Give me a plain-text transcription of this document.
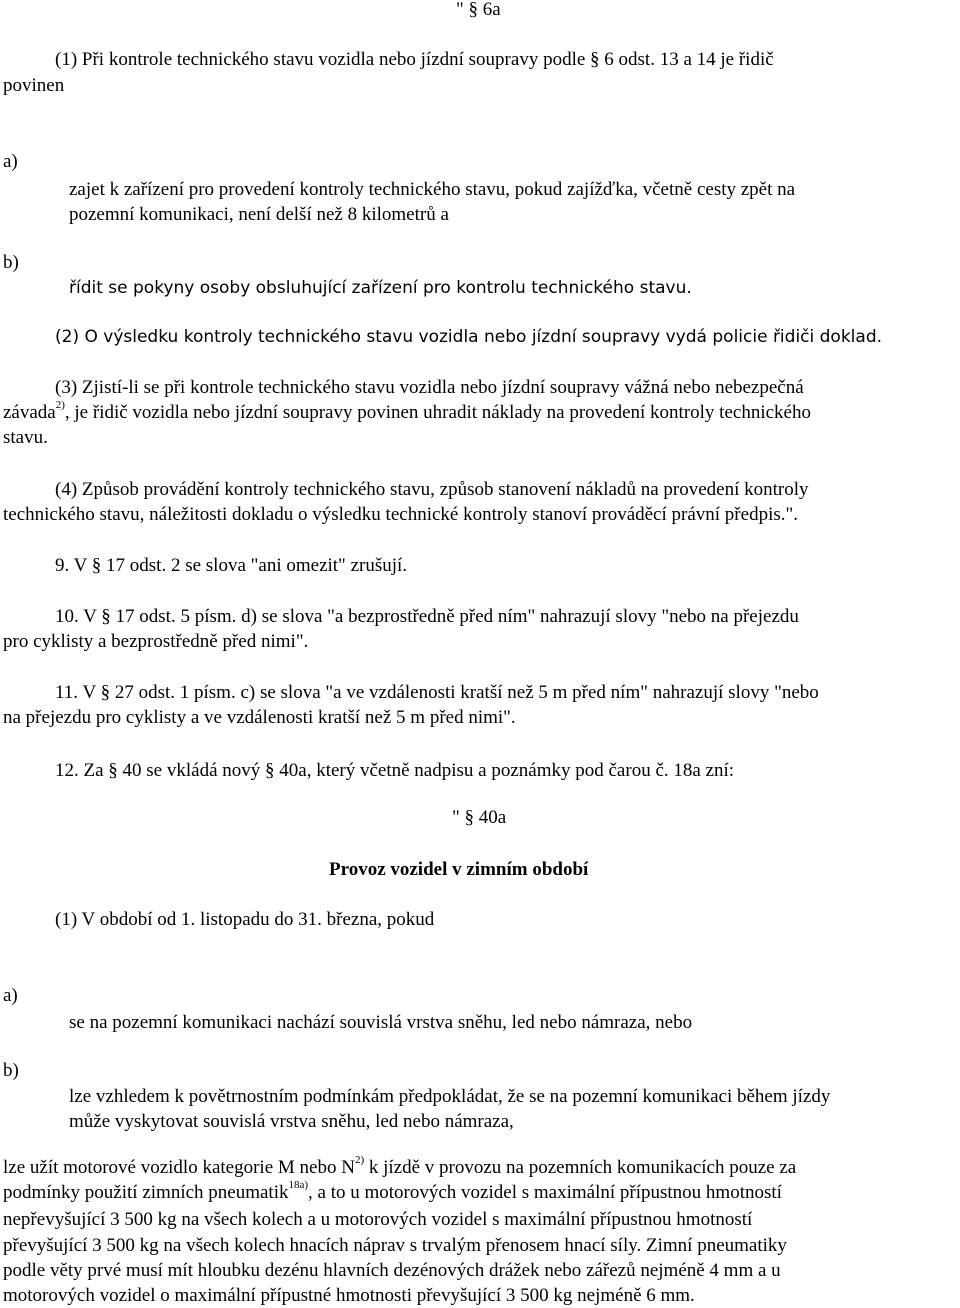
" § 6a
(1) Při kontrole technického stavu vozidla nebo jízdní soupravy podle § 6 odst. 13 a 14 je řidič
povinen
a)
zajet k zařízení pro provedení kontroly technického stavu, pokud zajížďka, včetně cesty zpět na
pozemní komunikaci, není delší než 8 kilometrů a
b)
řídit se pokyny osoby obsluhující zařízení pro kontrolu technického stavu.
(2) O výsledku kontroly technického stavu vozidla nebo jízdní soupravy vydá policie řidiči doklad.
(3) Zjistí-li se při kontrole technického stavu vozidla nebo jízdní soupravy vážná nebo nebezpečná
závada$^{2)}$, je řidič vozidla nebo jízdní soupravy povinen uhradit náklady na provedení kontroly technického
stavu.
(4) Způsob provádění kontroly technického stavu, způsob stanovení nákladů na provedení kontroly
technického stavu, náležitosti dokladu o výsledku technické kontroly stanoví prováděcí právní předpis.".
9. V § 17 odst. 2 se slova "ani omezit" zrušují.
10. V § 17 odst. 5 písm. d) se slova "a bezprostředně před ním" nahrazují slovy "nebo na přejezdu
pro cyklisty a bezprostředně před nimi".
11. V § 27 odst. 1 písm. c) se slova "a ve vzdálenosti kratší než 5 m před ním" nahrazují slovy "nebo
na přejezdu pro cyklisty a ve vzdálenosti kratší než 5 m před nimi".
12. Za § 40 se vkládá nový § 40a, který včetně nadpisu a poznámky pod čarou č. 18a zní:
" § 40a
Provoz vozidel v zimním období
(1) V období od 1. listopadu do 31. března, pokud
a)
se na pozemní komunikaci nachází souvislá vrstva sněhu, led nebo námraza, nebo
b)
lze vzhledem k povětrnostním podmínkám předpokládat, že se na pozemní komunikaci během jízdy
může vyskytovat souvislá vrstva sněhu, led nebo námraza,
lze užít motorové vozidlo kategorie M nebo $N^{2)}$ k jízdě v provozu na pozemních komunikacích pouze za
podmínky použití zimních pneumatik$^{18a)}$, a to u motorových vozidel s maximální přípustnou hmotností
nepřevyšující 3 500 kg na všech kolech a u motorových vozidel s maximální přípustnou hmotností
převyšující 3 500 kg na všech kolech hnacích náprav s trvalým přenosem hnací síly. Zimní pneumatiky
podle věty prvé musí mít hloubku dezénu hlavních dezénových drážek nebo zářezů nejméně 4 mm a u
motorových vozidel o maximální přípustné hmotnosti převyšující 3 500 kg nejméně 6 mm.
